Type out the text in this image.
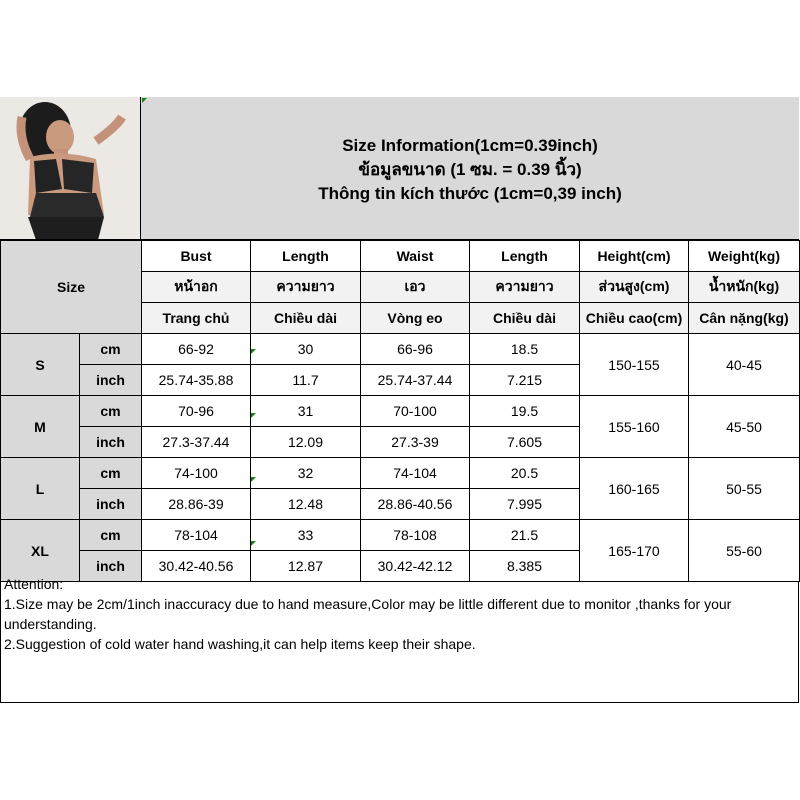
Size Information(1cm=0.39inch)
ข้อมูลขนาด (1 ซม. = 0.39 นิ้ว)
Thông tin kích thước (1cm=0,39 inch)
Size		Bust	Length	Waist	Length	Height(cm)	Weight(kg)
		หน้าอก	ความยาว	เอว	ความยาว	ส่วนสูง(cm)	น้ำหนัก(kg)
		Trang chủ	Chiều dài	Vòng eo	Chiều dài	Chiều cao(cm)	Cân nặng(kg)
S	cm	66-92	30	66-96	18.5	150-155	40-45
	inch	25.74-35.88	11.7	25.74-37.44	7.215		
M	cm	70-96	31	70-100	19.5	155-160	45-50
	inch	27.3-37.44	12.09	27.3-39	7.605		
L	cm	74-100	32	74-104	20.5	160-165	50-55
	inch	28.86-39	12.48	28.86-40.56	7.995		
XL	cm	78-104	33	78-108	21.5	165-170	55-60
	inch	30.42-40.56	12.87	30.42-42.12	8.385		
Attention:
1.Size may be 2cm/1inch inaccuracy due to hand measure,Color may be little different due to monitor ,thanks for your
understanding.
2.Suggestion of cold water hand washing,it can help items keep their shape.
